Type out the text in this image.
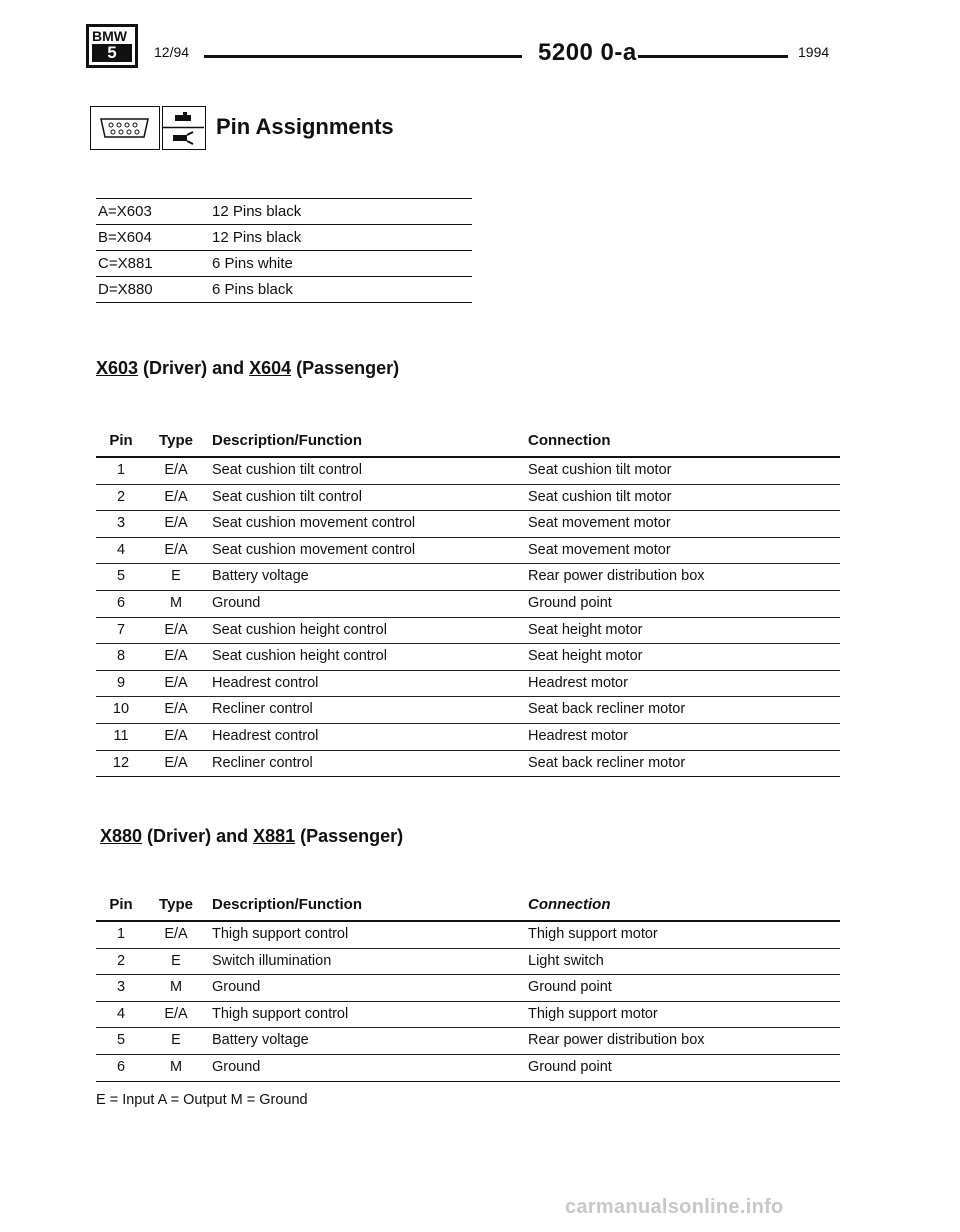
BMW
5	12/94	5200 0-a	1994
Pin Assignments
A=X603	12 Pins black
B=X604	12 Pins black
C=X881	6 Pins white
D=X880	6 Pins black
X603 (Driver) and X604 (Passenger)
Pin	Type	Description/Function	Connection
1	E/A	Seat cushion tilt control	Seat cushion tilt motor
2	E/A	Seat cushion tilt control	Seat cushion tilt motor
3	E/A	Seat cushion movement control	Seat movement motor
4	E/A	Seat cushion movement control	Seat movement motor
5	E	Battery voltage	Rear power distribution box
6	M	Ground	Ground point
7	E/A	Seat cushion height control	Seat height motor
8	E/A	Seat cushion height control	Seat height motor
9	E/A	Headrest control	Headrest motor
10	E/A	Recliner control	Seat back recliner motor
11	E/A	Headrest control	Headrest motor
12	E/A	Recliner control	Seat back recliner motor
X880 (Driver) and X881 (Passenger)
Pin	Type	Description/Function	Connection
1	E/A	Thigh support control	Thigh support motor
2	E	Switch illumination	Light switch
3	M	Ground	Ground point
4	E/A	Thigh support control	Thigh support motor
5	E	Battery voltage	Rear power distribution box
6	M	Ground	Ground point
E = Input A = Output M = Ground
carmanualsonline.info
